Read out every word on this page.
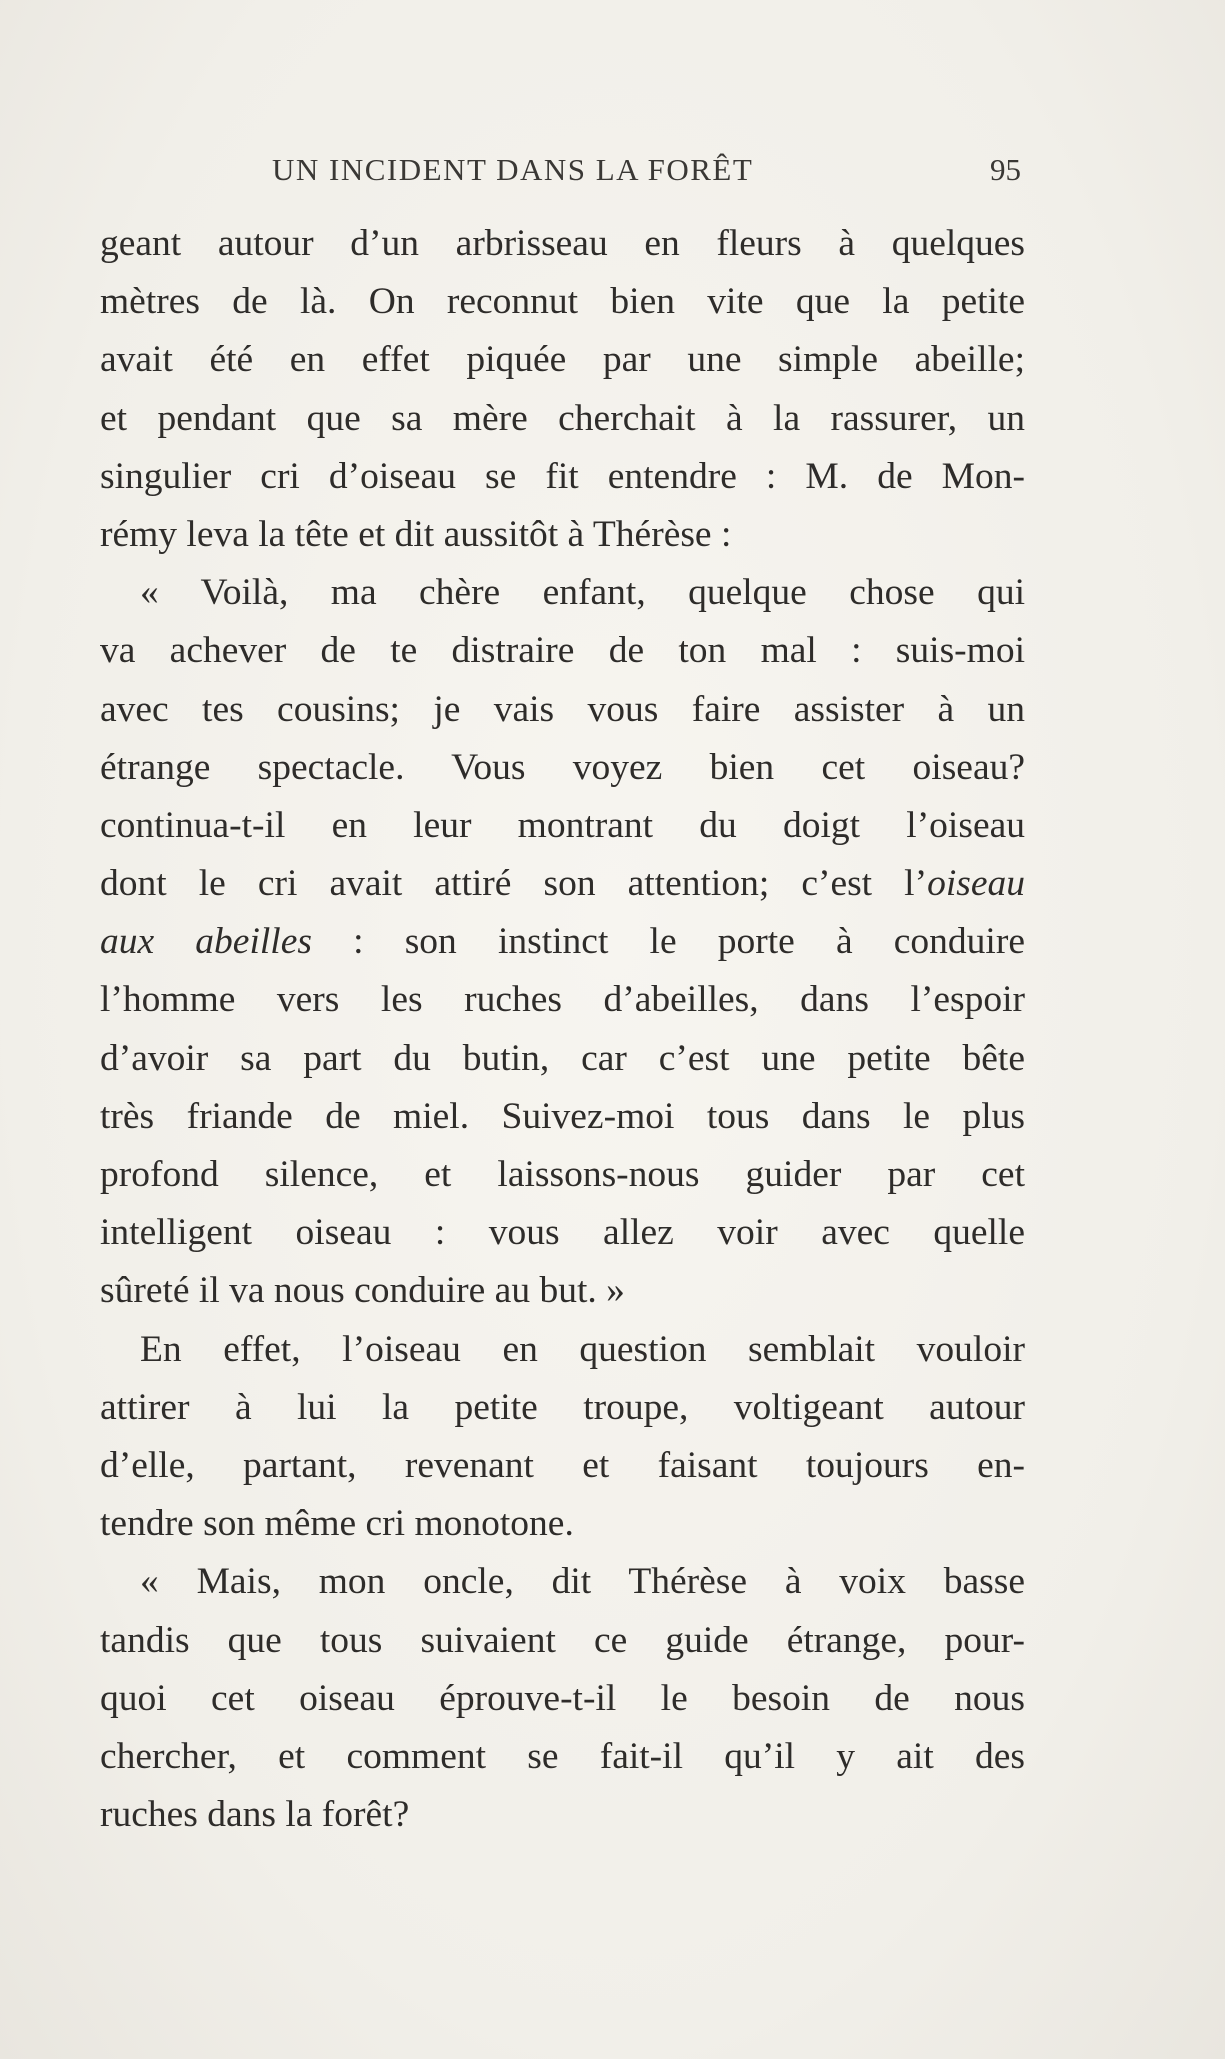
UN INCIDENT DANS LA FORÊT	95
geant autour d’un arbrisseau en fleurs à quelques
mètres de là. On reconnut bien vite que la petite
avait été en effet piquée par une simple abeille;
et pendant que sa mère cherchait à la rassurer, un
singulier cri d’oiseau se fit entendre : M. de Mon-
rémy leva la tête et dit aussitôt à Thérèse :
« Voilà, ma chère enfant, quelque chose qui
va achever de te distraire de ton mal : suis-moi
avec tes cousins; je vais vous faire assister à un
étrange spectacle. Vous voyez bien cet oiseau?
continua-t-il en leur montrant du doigt l’oiseau
dont le cri avait attiré son attention; c’est l’oiseau
aux abeilles : son instinct le porte à conduire
l’homme vers les ruches d’abeilles, dans l’espoir
d’avoir sa part du butin, car c’est une petite bête
très friande de miel. Suivez-moi tous dans le plus
profond silence, et laissons-nous guider par cet
intelligent oiseau : vous allez voir avec quelle
sûreté il va nous conduire au but. »
En effet, l’oiseau en question semblait vouloir
attirer à lui la petite troupe, voltigeant autour
d’elle, partant, revenant et faisant toujours en-
tendre son même cri monotone.
« Mais, mon oncle, dit Thérèse à voix basse
tandis que tous suivaient ce guide étrange, pour-
quoi cet oiseau éprouve-t-il le besoin de nous
chercher, et comment se fait-il qu’il y ait des
ruches dans la forêt?
